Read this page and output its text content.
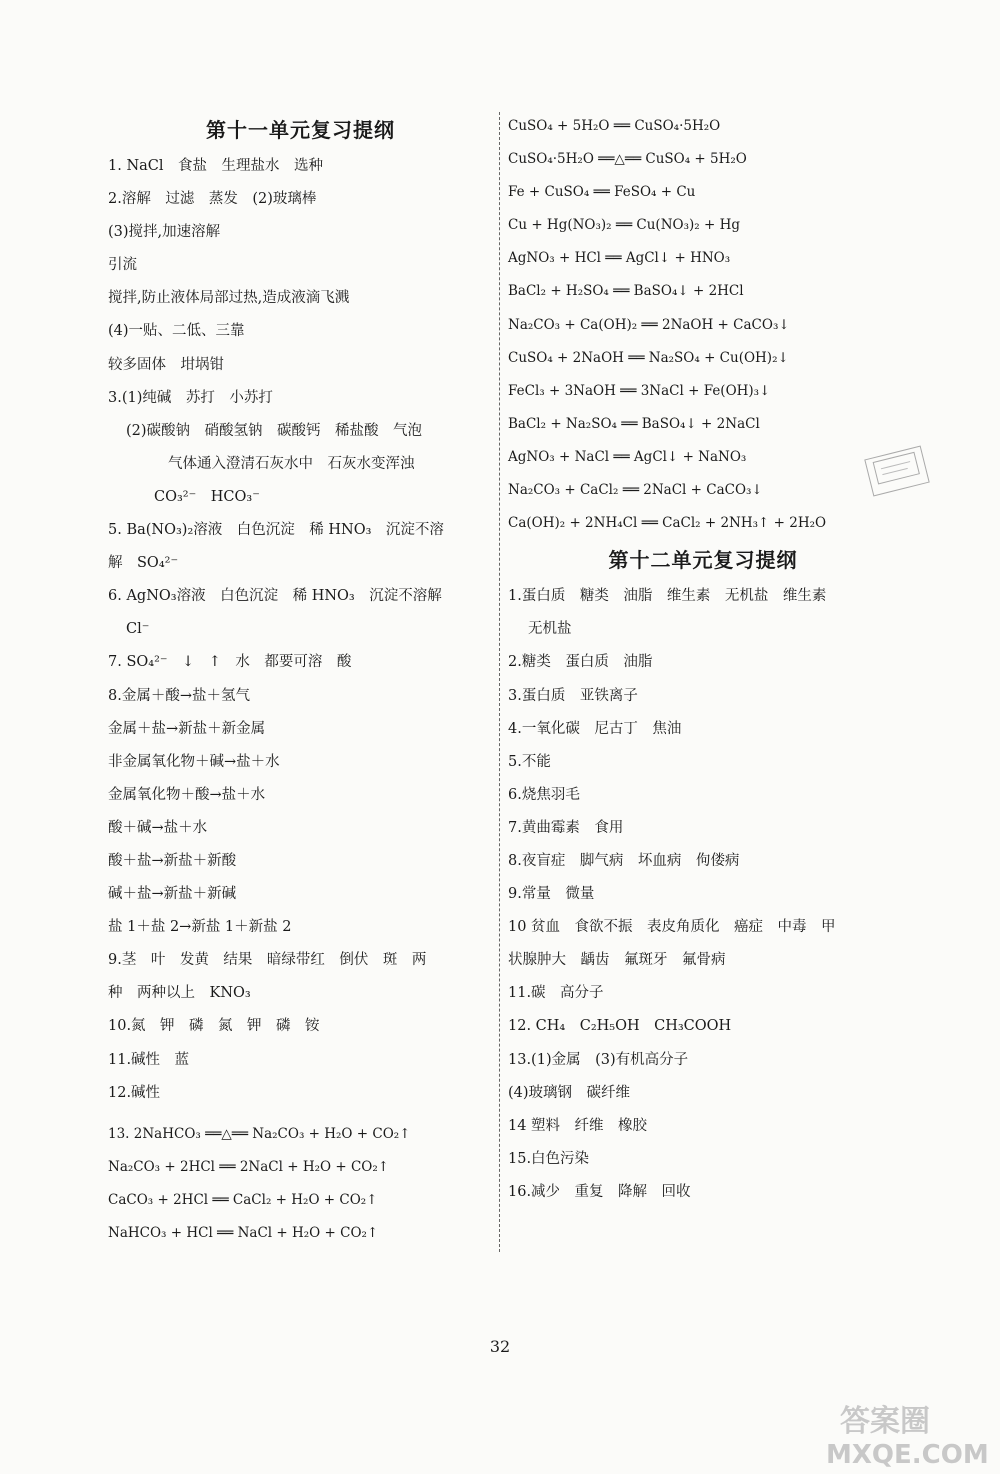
第十一单元复习提纲
1. NaCl　食盐　生理盐水　选种
2.溶解　过滤　蒸发　(2)玻璃棒
(3)搅拌,加速溶解
引流
搅拌,防止液体局部过热,造成液滴飞溅
(4)一贴、二低、三靠
较多固体　坩埚钳
3.(1)纯碱　苏打　小苏打
(2)碳酸钠　硝酸氢钠　碳酸钙　稀盐酸　气泡
气体通入澄清石灰水中　石灰水变浑浊
CO₃²⁻　HCO₃⁻
5. Ba(NO₃)₂溶液　白色沉淀　稀 HNO₃　沉淀不溶
解　SO₄²⁻
6. AgNO₃溶液　白色沉淀　稀 HNO₃　沉淀不溶解
Cl⁻
7. SO₄²⁻　↓　↑　水　都要可溶　酸
8.金属＋酸→盐＋氢气
金属＋盐→新盐＋新金属
非金属氧化物＋碱→盐＋水
金属氧化物＋酸→盐＋水
酸＋碱→盐＋水
酸＋盐→新盐＋新酸
碱＋盐→新盐＋新碱
盐 1＋盐 2→新盐 1＋新盐 2
9.茎　叶　发黄　结果　暗绿带红　倒伏　斑　两
种　两种以上　KNO₃
10.氮　钾　磷　氮　钾　磷　铵
11.碱性　蓝
12.碱性
13. 2NaHCO₃ ══△══ Na₂CO₃ + H₂O + CO₂↑
Na₂CO₃ + 2HCl ══ 2NaCl + H₂O + CO₂↑
CaCO₃ + 2HCl ══ CaCl₂ + H₂O + CO₂↑
NaHCO₃ + HCl ══ NaCl + H₂O + CO₂↑
CuSO₄ + 5H₂O ══ CuSO₄·5H₂O
CuSO₄·5H₂O ══△══ CuSO₄ + 5H₂O
Fe + CuSO₄ ══ FeSO₄ + Cu
Cu + Hg(NO₃)₂ ══ Cu(NO₃)₂ + Hg
AgNO₃ + HCl ══ AgCl↓ + HNO₃
BaCl₂ + H₂SO₄ ══ BaSO₄↓ + 2HCl
Na₂CO₃ + Ca(OH)₂ ══ 2NaOH + CaCO₃↓
CuSO₄ + 2NaOH ══ Na₂SO₄ + Cu(OH)₂↓
FeCl₃ + 3NaOH ══ 3NaCl + Fe(OH)₃↓
BaCl₂ + Na₂SO₄ ══ BaSO₄↓ + 2NaCl
AgNO₃ + NaCl ══ AgCl↓ + NaNO₃
Na₂CO₃ + CaCl₂ ══ 2NaCl + CaCO₃↓
Ca(OH)₂ + 2NH₄Cl ══ CaCl₂ + 2NH₃↑ + 2H₂O
第十二单元复习提纲
1.蛋白质　糖类　油脂　维生素　无机盐　维生素
无机盐
2.糖类　蛋白质　油脂
3.蛋白质　亚铁离子
4.一氧化碳　尼古丁　焦油
5.不能
6.烧焦羽毛
7.黄曲霉素　食用
8.夜盲症　脚气病　坏血病　佝偻病
9.常量　微量
10 贫血　食欲不振　表皮角质化　癌症　中毒　甲
状腺肿大　龋齿　氟斑牙　氟骨病
11.碳　高分子
12. CH₄　C₂H₅OH　CH₃COOH
13.(1)金属　(3)有机高分子
(4)玻璃钢　碳纤维
14 塑料　纤维　橡胶
15.白色污染
16.减少　重复　降解　回收
32
答案圈
MXQE.COM
